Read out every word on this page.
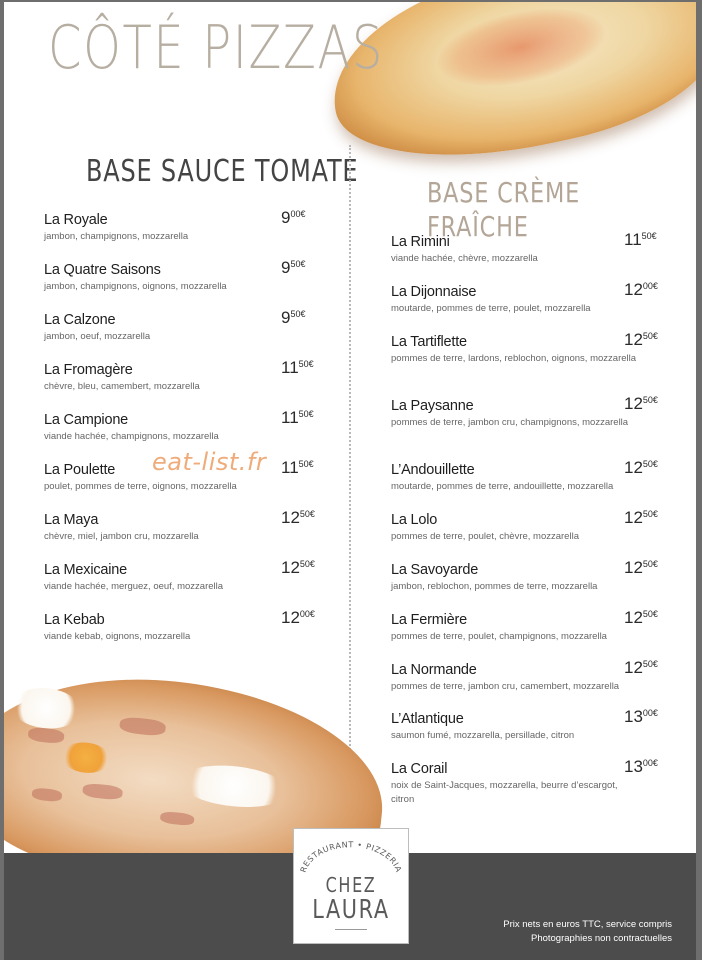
CÔTÉ PIZZAS
BASE SAUCE TOMATE
BASE CRÈME FRAÎCHE
La Royale
jambon, champignons, mozzarella
$9^{00€}$
La Quatre Saisons
jambon, champignons, oignons, mozzarella
$9^{50€}$
La Calzone
jambon, oeuf, mozzarella
$9^{50€}$
La Fromagère
chèvre, bleu, camembert, mozzarella
$11^{50€}$
La Campione
viande hachée, champignons, mozzarella
$11^{50€}$
La Poulette
poulet, pommes de terre, oignons, mozzarella
$11^{50€}$
La Maya
chèvre, miel, jambon cru, mozzarella
$12^{50€}$
La Mexicaine
viande hachée, merguez, oeuf, mozzarella
$12^{50€}$
La Kebab
viande kebab, oignons, mozzarella
$12^{00€}$
La Rimini
viande hachée, chèvre, mozzarella
$11^{50€}$
La Dijonnaise
moutarde, pommes de terre, poulet, mozzarella
$12^{00€}$
La Tartiflette
pommes de terre, lardons, reblochon, oignons, mozzarella
$12^{50€}$
La Paysanne
pommes de terre, jambon cru, champignons, mozzarella
$12^{50€}$
L’Andouillette
moutarde, pommes de terre, andouillette, mozzarella
$12^{50€}$
La Lolo
pommes de terre, poulet, chèvre, mozzarella
$12^{50€}$
La Savoyarde
jambon, reblochon, pommes de terre, mozzarella
$12^{50€}$
La Fermière
pommes de terre, poulet, champignons, mozzarella
$12^{50€}$
La Normande
pommes de terre, jambon cru, camembert, mozzarella
$12^{50€}$
L’Atlantique
saumon fumé, mozzarella, persillade, citron
$13^{00€}$
La Corail
noix de Saint-Jacques, mozzarella, beurre d’escargot, citron
$13^{00€}$
eat-list.fr
RESTAURANT • PIZZERIA
CHEZ
LAURA	Prix nets en euros TTC, service compris
Photographies non contractuelles
